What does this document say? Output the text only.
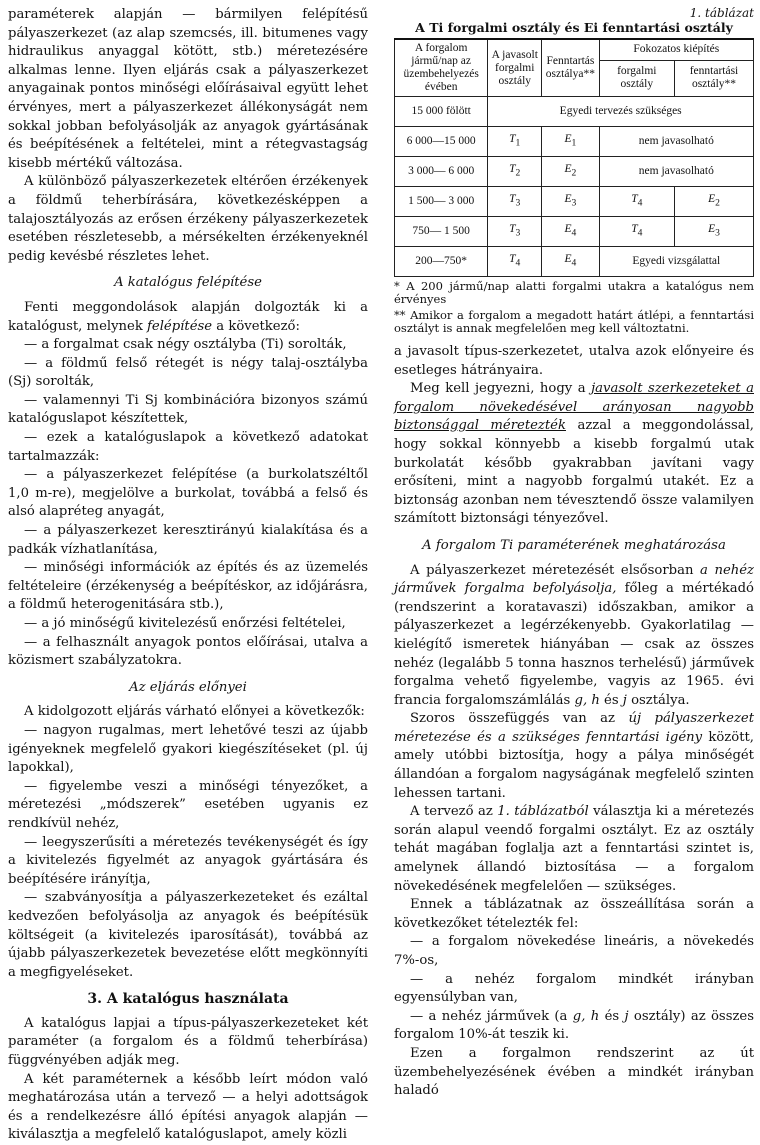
paraméterek alapján — bármilyen felépítésű pályaszerkezet (az alap szemcsés, ill. bitumenes vagy hidraulikus anyaggal kötött, stb.) méretezésére alkalmas lenne. Ilyen eljárás csak a pályaszerkezet anyagainak pontos minőségi előírásaival együtt lehet érvényes, mert a pályaszerkezet állékonyságát nem sokkal jobban befolyásolják az anyagok gyártásának és beépítésének a feltételei, mint a rétegvastagság kisebb mértékű változása.

A különböző pályaszerkezetek eltérően érzékenyek a földmű teherbírására, következésképpen a talajosztályozás az erősen érzékeny pályaszerkezetek esetében részletesebb, a mérsékelten érzékenyeknél pedig kevésbé részletes lehet.

A katalógus felépítése

Fenti meggondolások alapján dolgozták ki a katalógust, melynek felépítése a következő:

— a forgalmat csak négy osztályba (Ti) sorolták,

— a földmű felső rétegét is négy talaj-osztályba (Sj) sorolták,

— valamennyi Ti Sj kombinációra bizonyos számú katalóguslapot készítettek,

— ezek a katalóguslapok a következő adatokat tartalmazzák:

— a pályaszerkezet felépítése (a burkolatszéltől 1,0 m-re), megjelölve a burkolat, továbbá a felső és alsó alapréteg anyagát,

— a pályaszerkezet keresztirányú kialakítása és a padkák vízhatlanítása,

— minőségi információk az építés és az üzemelés feltételeire (érzékenység a beépítéskor, az időjárásra, a földmű heterogenitására stb.),

— a jó minőségű kivitelezésű enőrzési feltételei,

— a felhasznált anyagok pontos előírásai, utalva a közismert szabályzatokra.

Az eljárás előnyei

A kidolgozott eljárás várható előnyei a következők:

— nagyon rugalmas, mert lehetővé teszi az újabb igényeknek megfelelő gyakori kiegészítéseket (pl. új lapokkal),

— figyelembe veszi a minőségi tényezőket, a méretezési „módszerek” esetében ugyanis ez rendkívül nehéz,

— leegyszerűsíti a méretezés tevékenységét és így a kivitelezés figyelmét az anyagok gyártására és beépítésére irányítja,

— szabványosítja a pályaszerkezeteket és ezáltal kedvezően befolyásolja az anyagok és beépítésük költségeit (a kivitelezés iparosítását), továbbá az újabb pályaszerkezetek bevezetése előtt megkönnyíti a megfigyeléseket.

3. A katalógus használata

A katalógus lapjai a típus-pályaszerkezeteket két paraméter (a forgalom és a földmű teherbírása) függvényében adják meg.

A két paraméternek a később leírt módon való meghatározása után a tervező — a helyi adottságok és a rendelkezésre álló építési anyagok alapján — kiválasztja a megfelelő katalóguslapot, amely közli

1. táblázat
A Ti forgalmi osztály és Ei fenntartási osztály
A forgalom jármű/nap az üzembehelyezés évében	A javasolt forgalmi osztály	Fenntartás osztálya**	Fokozatos kiépítés	
			forgalmi osztály	fenntartási osztály**
15 000 fölött	Egyedi tervezés szükséges			
6 000—15 000	$T_1$	$E_1$	nem javasolható	
3 000— 6 000	$T_2$	$E_2$	nem javasolható	
1 500— 3 000	$T_3$	$E_3$	$T_4$	$E_2$
750— 1 500	$T_3$	$E_4$	$T_4$	$E_3$
200—750*	$T_4$	$E_4$	Egyedi vizsgálattal	
* A 200 jármű/nap alatti forgalmi utakra a katalógus nem érvényes
** Amikor a forgalom a megadott határt átlépi, a fenntartási osztályt is annak megfelelően meg kell változtatni.

a javasolt típus-szerkezetet, utalva azok előnyeire és esetleges hátrányaira.

Meg kell jegyezni, hogy a javasolt szerkezeteket a forgalom növekedésével arányosan nagyobb biztonsággal méretezték azzal a meggondolással, hogy sokkal könnyebb a kisebb forgalmú utak burkolatát később gyakrabban javítani vagy erősíteni, mint a nagyobb forgalmú utakét. Ez a biztonság azonban nem tévesztendő össze valamilyen számított biztonsági tényezővel.

A forgalom Ti paraméterének meghatározása

A pályaszerkezet méretezését elsősorban a nehéz járművek forgalma befolyásolja, főleg a mértékadó (rendszerint a koratavaszi) időszakban, amikor a pályaszerkezet a legérzékenyebb. Gyakorlatilag — kielégítő ismeretek hiányában — csak az összes nehéz (legalább 5 tonna hasznos terhelésű) járművek forgalma vehető figyelembe, vagyis az 1965. évi francia forgalomszámlálás g, h és j osztálya.

Szoros összefüggés van az új pályaszerkezet méretezése és a szükséges fenntartási igény között, amely utóbbi biztosítja, hogy a pálya minőségét állandóan a forgalom nagyságának megfelelő szinten lehessen tartani.

A tervező az 1. táblázatból választja ki a méretezés során alapul veendő forgalmi osztályt. Ez az osztály tehát magában foglalja azt a fenntartási szintet is, amelynek állandó biztosítása — a forgalom növekedésének megfelelően — szükséges.

Ennek a táblázatnak az összeállítása során a következőket tételezték fel:

— a forgalom növekedése lineáris, a növekedés 7%-os,

— a nehéz forgalom mindkét irányban egyensúlyban van,

— a nehéz járművek (a g, h és j osztály) az összes forgalom 10%-át teszik ki.

Ezen a forgalmon rendszerint az út üzembehelyezésének évében a mindkét irányban haladó
